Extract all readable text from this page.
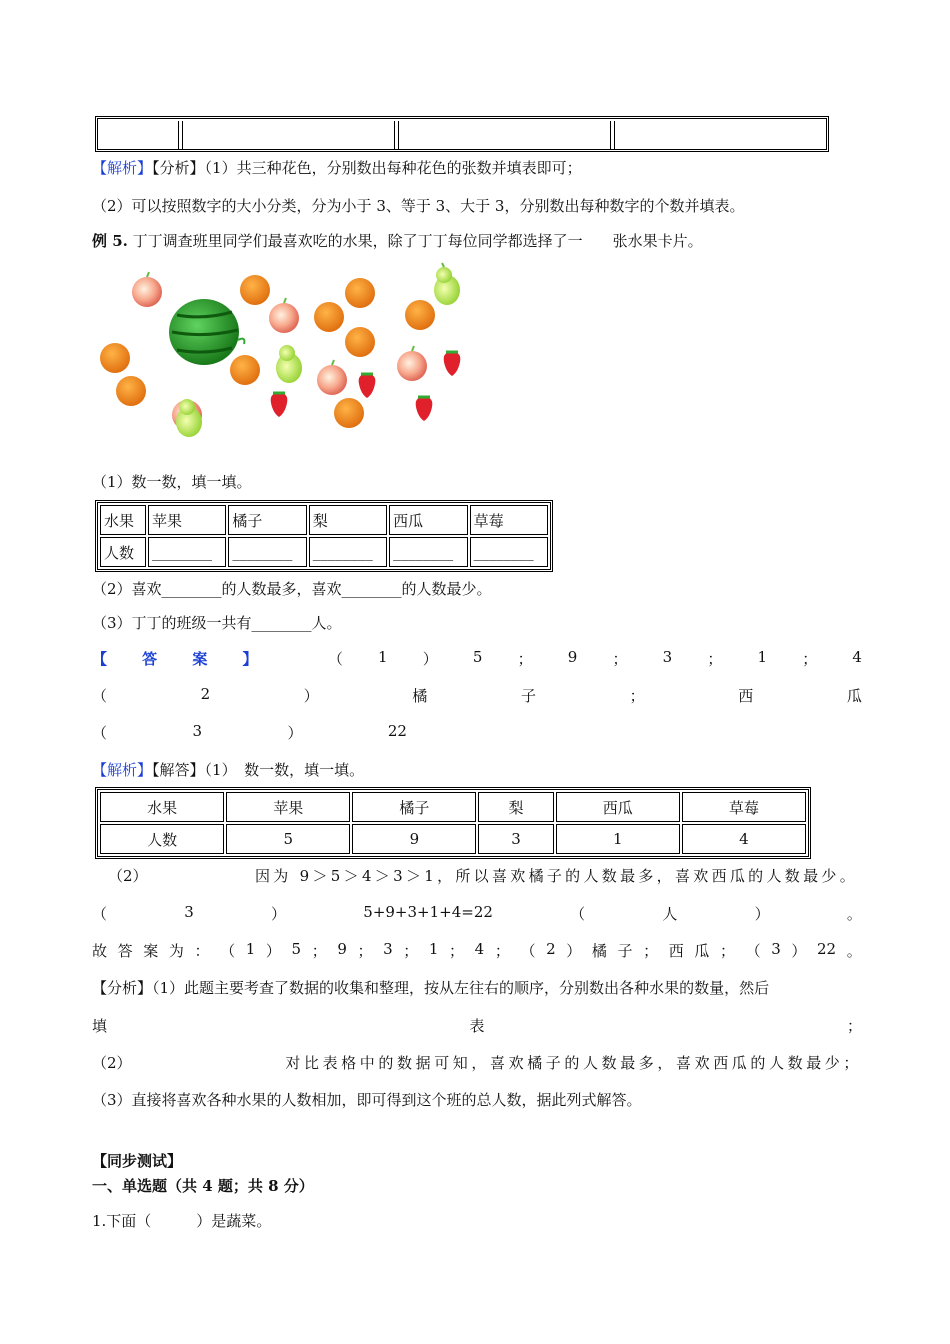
【解析】【分析】（1）共三种花色，分别数出每种花色的张数并填表即可；
（2）可以按照数字的大小分类，分为小于 3、等于 3、大于 3，分别数出每种数字的个数并填表。
例 5. 丁丁调查班里同学们最喜欢吃的水果，除了丁丁每位同学都选择了一　　张水果卡片。
（1）数一数，填一填。
水果	苹果	橘子	梨	西瓜	草莓
人数	________	________	________	________	________
（2）喜欢________的人数最多，喜欢________的人数最少。
（3）丁丁的班级一共有________人。
【 答 案 】	（ 1 ） 5 ； 9 ； 3 ； 1 ； 4
（	2	）	橘	子	；	西	瓜
（	3	）	22
【解析】【解答】（1）　数一数，填一填。
水果	苹果	橘子	梨	西瓜	草莓
人数	5	9	3	1	4
（2）	因为 9＞5＞4＞3＞1，所以喜欢橘子的人数最多，喜欢西瓜的人数最少。
（	3	）	5+9+3+1+4=22	（	人	）	。
故 答 案 为 ： （ 1 ） 5 ； 9 ； 3 ； 1 ； 4 ； （ 2 ） 橘 子 ； 西 瓜 ； （ 3 ） 22 。
【分析】（1）此题主要考查了数据的收集和整理，按从左往右的顺序，分别数出各种水果的数量，然后
填	表	；
（2）	对比表格中的数据可知，喜欢橘子的人数最多，喜欢西瓜的人数最少；
（3）直接将喜欢各种水果的人数相加，即可得到这个班的总人数，据此列式解答。
【同步测试】
一、单选题（共 4 题；共 8 分）
1.下面（　　　）是蔬菜。
